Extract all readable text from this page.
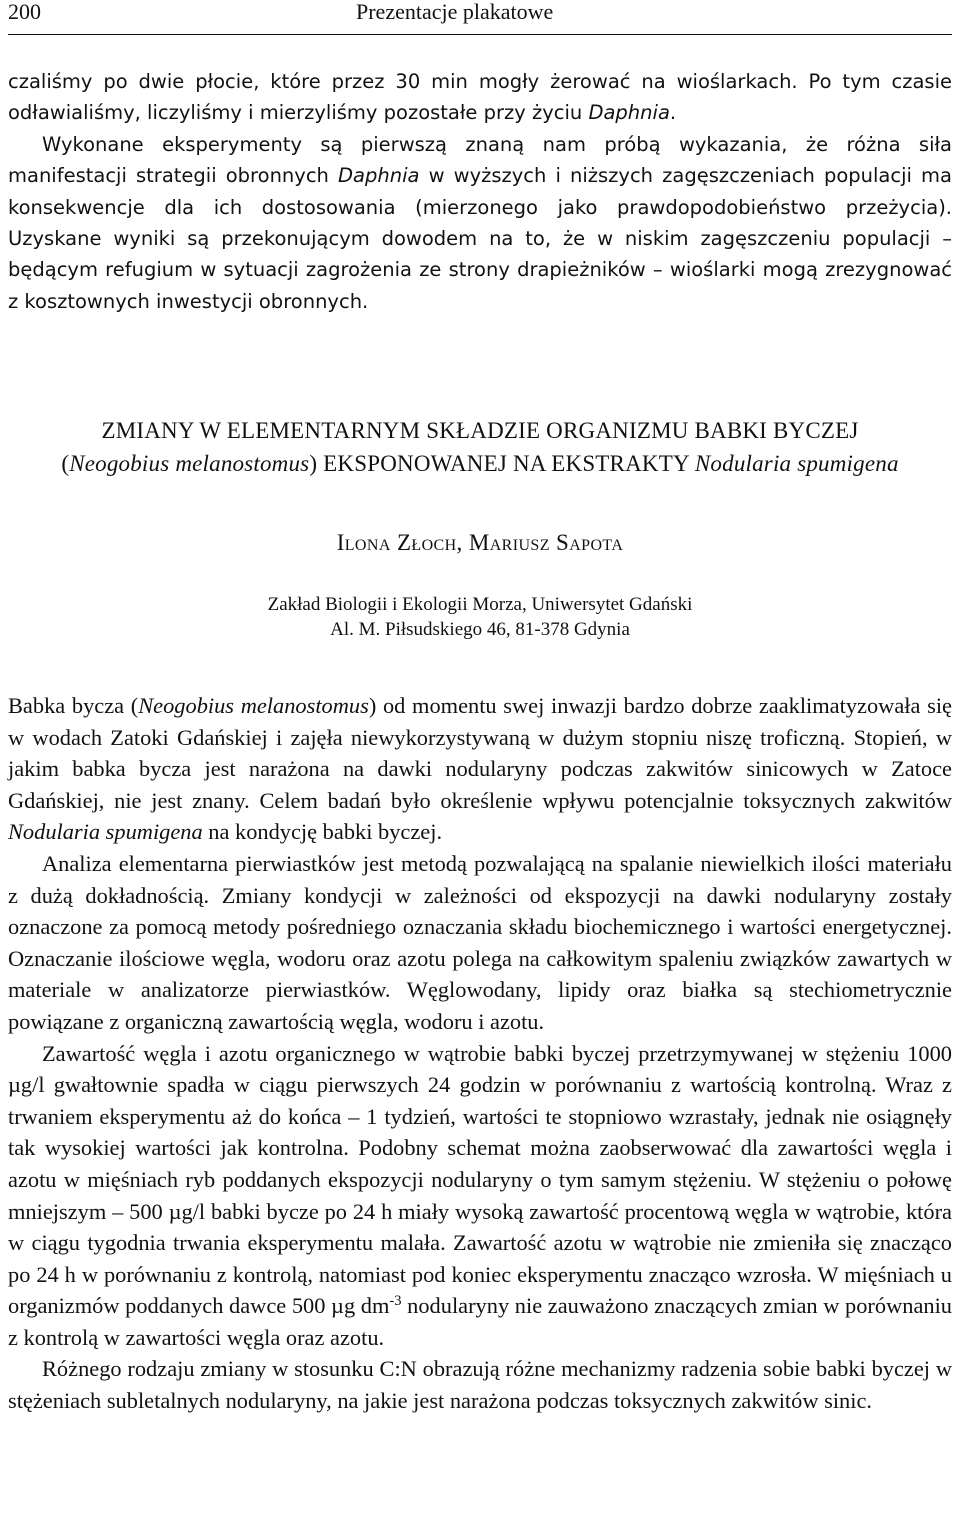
200	Prezentacje plakatowe

czaliśmy po dwie płocie, które przez 30 min mogły żerować na wioślarkach. Po tym czasie odławialiśmy, liczyliśmy i mierzyliśmy pozostałe przy życiu Daphnia.

Wykonane eksperymenty są pierwszą znaną nam próbą wykazania, że różna siła manifestacji strategii obronnych Daphnia w wyższych i niższych zagęszczeniach populacji ma konsekwencje dla ich dostosowania (mierzonego jako prawdopodobieństwo przeżycia). Uzyskane wyniki są przekonującym dowodem na to, że w niskim zagęszczeniu populacji – będącym refugium w sytuacji zagrożenia ze strony drapieżników – wioślarki mogą zrezygnować z kosztownych inwestycji obronnych.

ZMIANY W ELEMENTARNYM SKŁADZIE ORGANIZMU BABKI BYCZEJ
(Neogobius melanostomus) EKSPONOWANEJ NA EKSTRAKTY Nodularia spumigena
Ilona Złoch, Mariusz Sapota
Zakład Biologii i Ekologii Morza, Uniwersytet Gdański
Al. M. Piłsudskiego 46, 81-378 Gdynia

Babka bycza (Neogobius melanostomus) od momentu swej inwazji bardzo dobrze zaaklimatyzowała się w wodach Zatoki Gdańskiej i zajęła niewykorzystywaną w dużym stopniu niszę troficzną. Stopień, w jakim babka bycza jest narażona na dawki nodularyny podczas zakwitów sinicowych w Zatoce Gdańskiej, nie jest znany. Celem badań było określenie wpływu potencjalnie toksycznych zakwitów Nodularia spumigena na kondycję babki byczej.

Analiza elementarna pierwiastków jest metodą pozwalającą na spalanie niewielkich ilości materiału z dużą dokładnością. Zmiany kondycji w zależności od ekspozycji na dawki nodularyny zostały oznaczone za pomocą metody pośredniego oznaczania składu biochemicznego i wartości energetycznej. Oznaczanie ilościowe węgla, wodoru oraz azotu polega na całkowitym spaleniu związków zawartych w materiale w analizatorze pierwiastków. Węglowodany, lipidy oraz białka są stechiometrycznie powiązane z organiczną zawartością węgla, wodoru i azotu.

Zawartość węgla i azotu organicznego w wątrobie babki byczej przetrzymywanej w stężeniu 1000 µg/l gwałtownie spadła w ciągu pierwszych 24 godzin w porównaniu z wartością kontrolną. Wraz z trwaniem eksperymentu aż do końca – 1 tydzień, wartości te stopniowo wzrastały, jednak nie osiągnęły tak wysokiej wartości jak kontrolna. Podobny schemat można zaobserwować dla zawartości węgla i azotu w mięśniach ryb poddanych ekspozycji nodularyny o tym samym stężeniu. W stężeniu o połowę mniejszym – 500 µg/l babki bycze po 24 h miały wysoką zawartość procentową węgla w wątrobie, która w ciągu tygodnia trwania eksperymentu malała. Zawartość azotu w wątrobie nie zmieniła się znacząco po 24 h w porównaniu z kontrolą, natomiast pod koniec eksperymentu znacząco wzrosła. W mięśniach u organizmów poddanych dawce 500 µg $dm^{-3}$ nodularyny nie zauważono znaczących zmian w porównaniu z kontrolą w zawartości węgla oraz azotu.

Różnego rodzaju zmiany w stosunku C:N obrazują różne mechanizmy radzenia sobie babki byczej w stężeniach subletalnych nodularyny, na jakie jest narażona podczas toksycznych zakwitów sinic.
